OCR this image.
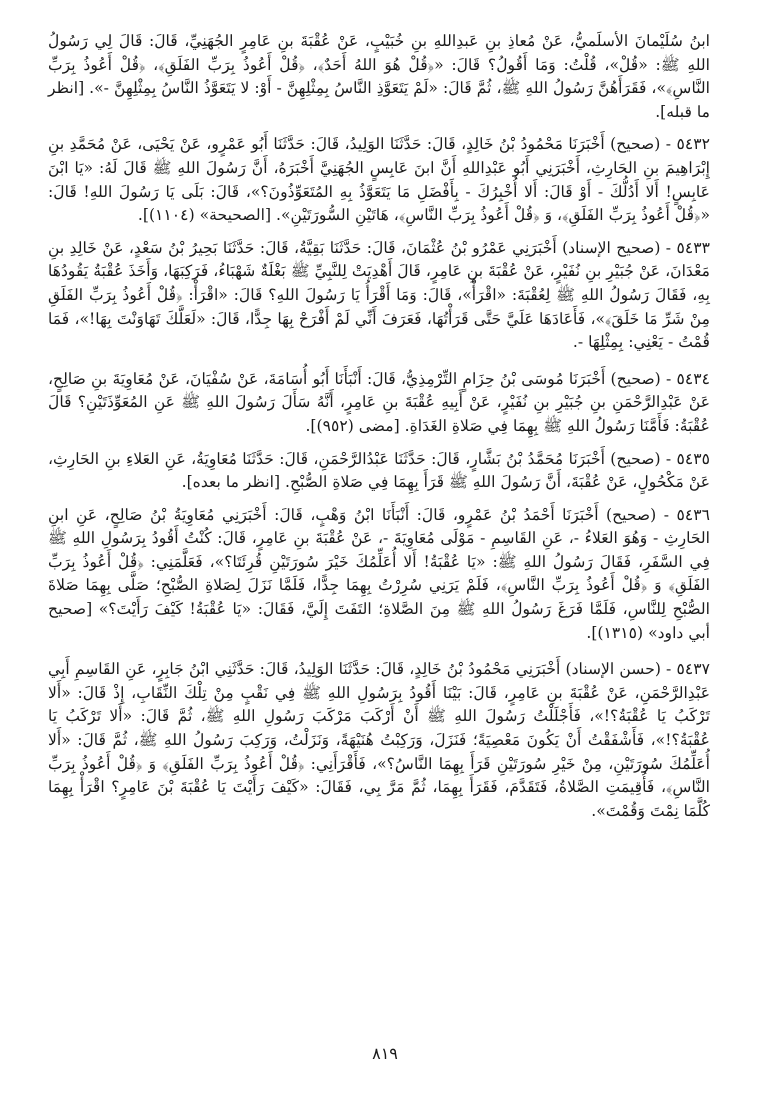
ابنُ سُلَيْمانَ الأسلَميُّ، عَنْ مُعاذِ بنِ عَبدِاللهِ بنِ خُبَيْبٍ، عَنْ عُقْبَةَ بنِ عَامِرٍ الجُهَنِيِّ، قَالَ: قَالَ لِي رَسُولُ اللهِ ﷺ: «قُلْ»، قُلْتُ: وَمَا أَقُولُ؟ قَالَ: «﴿قُلْ هُوَ اللهُ أَحَدٌ﴾، ﴿قُلْ أَعُوذُ بِرَبِّ الفَلَقِ﴾، ﴿قُلْ أَعُوذُ بِرَبِّ النَّاسِ﴾»، فَقَرَأَهُنَّ رَسُولُ اللهِ ﷺ، ثُمَّ قَالَ: «لَمْ يَتَعَوَّذِ النَّاسُ بِمِثْلِهِنَّ - أَوْ: لا يَتَعَوَّذُ النَّاسُ بِمِثْلِهِنَّ -». [انظر ما قبله].

٥٤٣٢ - (صحيح) أَخْبَرَنَا مَحْمُودُ بْنُ خَالِدٍ، قَالَ: حَدَّثَنَا الوَلِيدُ، قَالَ: حَدَّثَنَا أَبُو عَمْرٍو، عَنْ يَحْيَى، عَنْ مُحَمَّدِ بنِ إِبْرَاهِيمَ بنِ الحَارِثِ، أَخْبَرَنِي أَبُو عَبْدِاللهِ أَنَّ ابنَ عَابِسٍ الجُهَنِيَّ أَخْبَرَهُ، أَنَّ رَسُولَ اللهِ ﷺ قَالَ لَهُ: «يَا ابْنَ عَابِسٍ! أَلا أَدُلُّكَ - أَوْ قَالَ: أَلا أُخْبِرُكَ - بِأَفْضَلِ مَا يَتَعَوَّذُ بِهِ المُتَعَوِّذُونَ؟»، قَالَ: بَلَى يَا رَسُولَ اللهِ! قَالَ: «﴿قُلْ أَعُوذُ بِرَبِّ الفَلَقِ﴾، وَ ﴿قُلْ أَعُوذُ بِرَبِّ النَّاسِ﴾، هَاتَيْنِ السُّورَتَيْنِ». [الصحيحة» (١١٠٤)].

٥٤٣٣ - (صحيح الإسناد) أَخْبَرَنِي عَمْرُو بْنُ عُثْمَانَ، قَالَ: حَدَّثَنَا بَقِيَّةُ، قَالَ: حَدَّثَنَا بَحِيرُ بْنُ سَعْدٍ، عَنْ خَالِدِ بنِ مَعْدَانَ، عَنْ جُبَيْرِ بنِ نُفَيْرٍ، عَنْ عُقْبَةَ بنِ عَامِرٍ، قَالَ أَهْدِيَتْ لِلنَّبِيِّ ﷺ بَغْلَةٌ شَهْبَاءُ، فَرَكِبَهَا، وَأَخَذَ عُقْبَةُ يَقُودُهَا بِهِ، فَقَالَ رَسُولُ اللهِ ﷺ لِعُقْبَةَ: «اقْرَأْ»، قَالَ: وَمَا أَقْرَأُ يَا رَسُولَ اللهِ؟ قَالَ: «اقْرَأْ: ﴿قُلْ أَعُوذُ بِرَبِّ الفَلَقِ مِنْ شَرِّ مَا خَلَقَ﴾»، فَأَعَادَهَا عَلَيَّ حَتَّى قَرَأْتُهَا، فَعَرَفَ أَنِّي لَمْ أَفْرَحْ بِهَا جِدًّا، قَالَ: «لَعَلَّكَ تَهَاوَنْتَ بِهَا!»، فَمَا قُمْتُ - يَعْنِي: بِمِثْلِهَا -.

٥٤٣٤ - (صحيح) أَخْبَرَنَا مُوسَى بْنُ حِزَامٍ التِّرْمِذِيُّ، قَالَ: أَنْبَأَنَا أَبُو أُسَامَةَ، عَنْ سُفْيَانَ، عَنْ مُعَاوِيَةَ بنِ صَالِحٍ، عَنْ عَبْدِالرَّحْمَنِ بنِ جُبَيْرِ بنِ نُفَيْرٍ، عَنْ أَبِيهِ عُقْبَةَ بنِ عَامِرٍ، أَنَّهُ سَأَلَ رَسُولَ اللهِ ﷺ عَنِ المُعَوِّذَتَيْنِ؟ قَالَ عُقْبَةُ: فَأَمَّنَا رَسُولُ اللهِ ﷺ بِهِمَا فِي صَلاةِ الغَدَاةِ. [مضى (٩٥٢)].

٥٤٣٥ - (صحيح) أَخْبَرَنَا مُحَمَّدُ بْنُ بَشَّارٍ، قَالَ: حَدَّثَنَا عَبْدُالرَّحْمَنِ، قَالَ: حَدَّثَنَا مُعَاوِيَةُ، عَنِ العَلاءِ بنِ الحَارِثِ، عَنْ مَكْحُولٍ، عَنْ عُقْبَةَ، أَنَّ رَسُولَ اللهِ ﷺ قَرَأَ بِهِمَا فِي صَلاةِ الصُّبْحِ. [انظر ما بعده].

٥٤٣٦ - (صحيح) أَخْبَرَنَا أَحْمَدُ بْنُ عَمْرٍو، قَالَ: أَنْبَأَنَا ابْنُ وَهْبٍ، قَالَ: أَخْبَرَنِي مُعَاوِيَةُ بْنُ صَالِحٍ، عَنِ ابنِ الحَارِثِ - وَهُوَ العَلاءُ -، عَنِ القَاسِمِ - مَوْلَى مُعَاوِيَةَ -، عَنْ عُقْبَةَ بنِ عَامِرٍ، قَالَ: كُنْتُ أَقُودُ بِرَسُولِ اللهِ ﷺ فِي السَّفَرِ، فَقَالَ رَسُولُ اللهِ ﷺ: «يَا عُقْبَةُ! أَلا أُعَلِّمُكَ خَيْرَ سُورَتَيْنِ قُرِئَتَا؟»، فَعَلَّمَنِي: ﴿قُلْ أَعُوذُ بِرَبِّ الفَلَقِ﴾ وَ ﴿قُلْ أَعُوذُ بِرَبِّ النَّاسِ﴾، فَلَمْ يَرَنِي سُرِرْتُ بِهِمَا جِدًّا، فَلَمَّا نَزَلَ لِصَلاةِ الصُّبْحِ؛ صَلَّى بِهِمَا صَلاةَ الصُّبْحِ لِلنَّاسِ، فَلَمَّا فَرَغَ رَسُولُ اللهِ ﷺ مِنَ الصَّلاةِ؛ التَفَتَ إِلَيَّ، فَقَالَ: «يَا عُقْبَةُ! كَيْفَ رَأَيْتَ؟» [صحيح أبي داود» (١٣١٥)].

٥٤٣٧ - (حسن الإسناد) أَخْبَرَنِي مَحْمُودُ بْنُ خَالِدٍ، قَالَ: حَدَّثَنَا الوَلِيدُ، قَالَ: حَدَّثَنِي ابْنُ جَابِرٍ، عَنِ القَاسِمِ أَبِي عَبْدِالرَّحْمَنِ، عَنْ عُقْبَةَ بنِ عَامِرٍ، قَالَ: بَيْنَا أَقُودُ بِرَسُولِ اللهِ ﷺ فِي نَقْبٍ مِنْ تِلْكَ النِّقَابِ، إِذْ قَالَ: «أَلا تَرْكَبُ يَا عُقْبَةُ؟!»، فَأَجْلَلْتُ رَسُولَ اللهِ ﷺ أَنْ أَرْكَبَ مَرْكَبَ رَسُولِ اللهِ ﷺ، ثُمَّ قَالَ: «أَلا تَرْكَبُ يَا عُقْبَةُ؟!»، فَأَشْفَقْتُ أَنْ يَكُونَ مَعْصِيَةً؛ فَنَزَلَ، وَرَكِبْتُ هُنَيْهَةً، وَنَزَلْتُ، وَرَكِبَ رَسُولُ اللهِ ﷺ، ثُمَّ قَالَ: «أَلا أُعَلِّمُكَ سُورَتَيْنِ، مِنْ خَيْرِ سُورَتَيْنِ قَرَأَ بِهِمَا النَّاسُ؟»، فَأَقْرَأَنِي: ﴿قُلْ أَعُوذُ بِرَبِّ الفَلَقِ﴾ وَ ﴿قُلْ أَعُوذُ بِرَبِّ النَّاسِ﴾، فَأُقِيمَتِ الصَّلاةُ، فَتَقَدَّمَ، فَقَرَأَ بِهِمَا، ثُمَّ مَرَّ بِي، فَقَالَ: «كَيْفَ رَأَيْتَ يَا عُقْبَةَ بْنَ عَامِرٍ؟ اقْرَأْ بِهِمَا كُلَّمَا نِمْتَ وَقُمْتَ».

٨١٩
